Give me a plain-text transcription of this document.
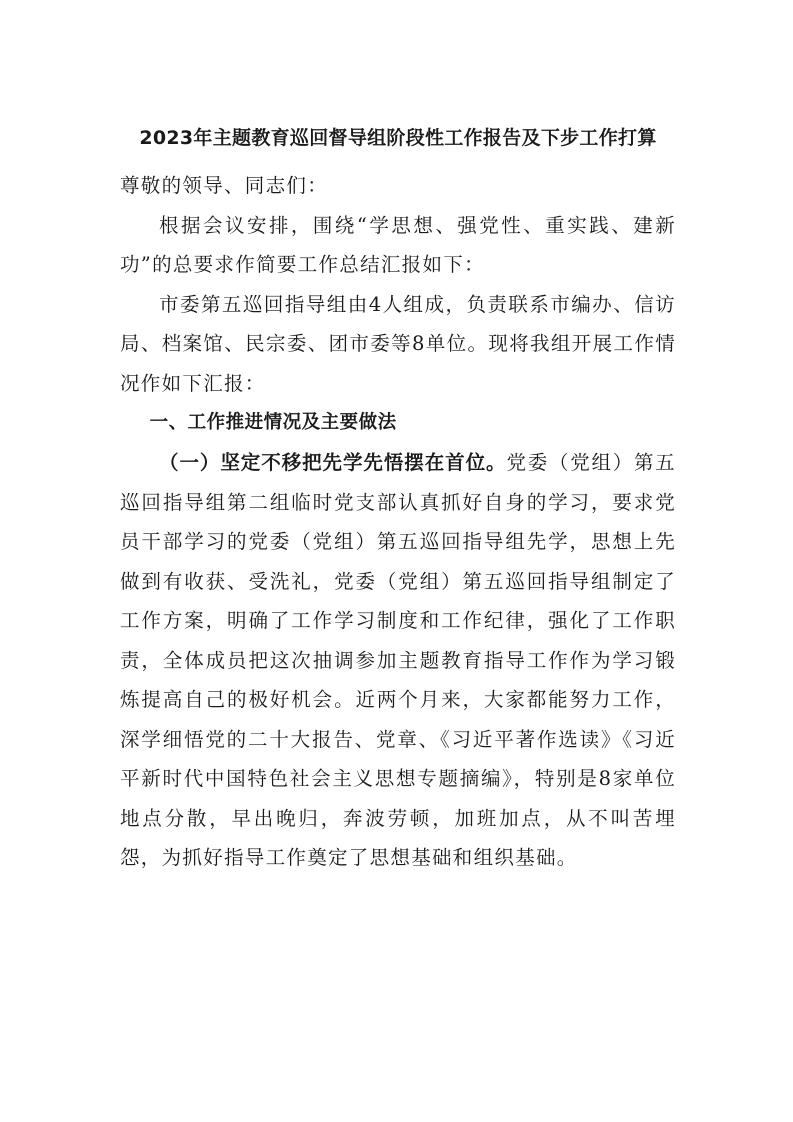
2023年主题教育巡回督导组阶段性工作报告及下步工作打算

尊敬的领导、同志们：

根据会议安排，围绕“学思想、强党性、重实践、建新功”的总要求作简要工作总结汇报如下：

市委第五巡回指导组由4人组成，负责联系市编办、信访局、档案馆、民宗委、团市委等8单位。现将我组开展工作情况作如下汇报：

一、工作推进情况及主要做法

（一）坚定不移把先学先悟摆在首位。党委（党组）第五巡回指导组第二组临时党支部认真抓好自身的学习，要求党员干部学习的党委（党组）第五巡回指导组先学，思想上先做到有收获、受洗礼，党委（党组）第五巡回指导组制定了工作方案，明确了工作学习制度和工作纪律，强化了工作职责，全体成员把这次抽调参加主题教育指导工作作为学习锻炼提高自己的极好机会。近两个月来，大家都能努力工作，深学细悟党的二十大报告、党章、《习近平著作选读》《习近平新时代中国特色社会主义思想专题摘编》，特别是8家单位地点分散，早出晚归，奔波劳顿，加班加点，从不叫苦埋怨，为抓好指导工作奠定了思想基础和组织基础。
